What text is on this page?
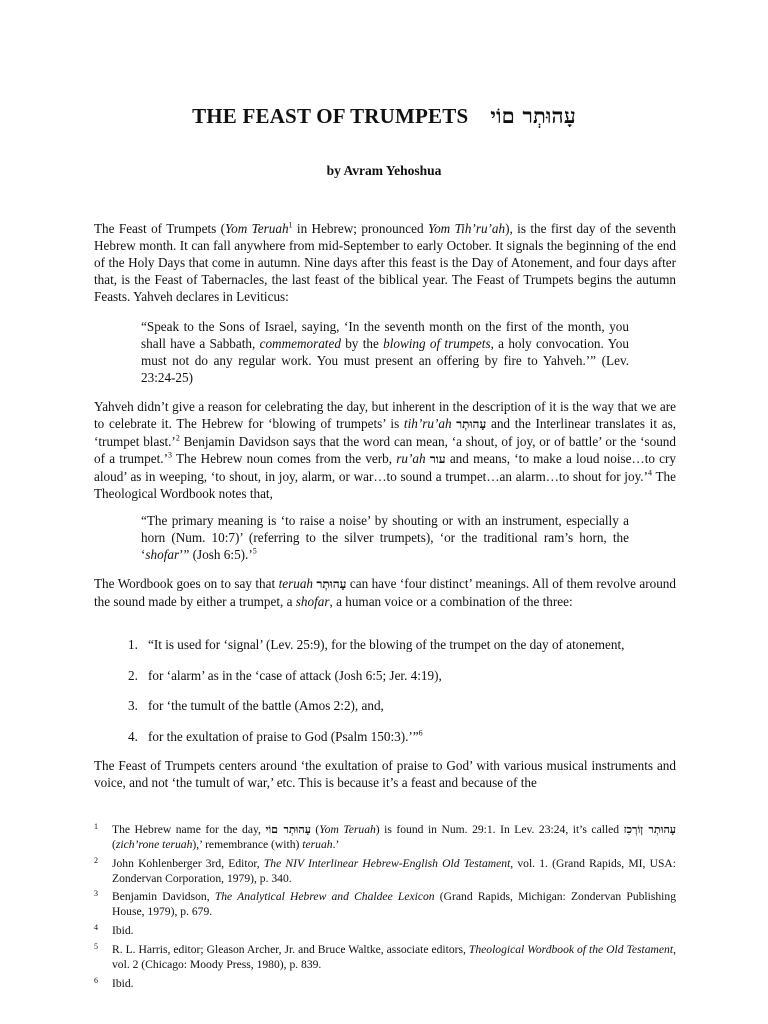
THE FEAST OF TRUMPETS עָהוּתְר םוֹי
by Avram Yehoshua
The Feast of Trumpets (Yom Teruah$^1$ in Hebrew; pronounced Yom Tih’ru’ah), is the first day of the seventh Hebrew month. It can fall anywhere from mid-September to early October. It signals the beginning of the end of the Holy Days that come in autumn. Nine days after this feast is the Day of Atonement, and four days after that, is the Feast of Tabernacles, the last feast of the biblical year. The Feast of Trumpets begins the autumn Feasts. Yahveh declares in Leviticus:
“Speak to the Sons of Israel, saying, ‘In the seventh month on the first of the month, you shall have a Sabbath, commemorated by the blowing of trumpets, a holy convocation. You must not do any regular work. You must present an offering by fire to Yahveh.’” (Lev. 23:24-25)
Yahveh didn’t give a reason for celebrating the day, but inherent in the description of it is the way that we are to celebrate it. The Hebrew for ‘blowing of trumpets’ is tih’ru’ah עָהוּתְר and the Interlinear translates it as, ‘trumpet blast.’$^2$ Benjamin Davidson says that the word can mean, ‘a shout, of joy, or of battle’ or the ‘sound of a trumpet.’$^3$ The Hebrew noun comes from the verb, ru’ah עור and means, ‘to make a loud noise…to cry aloud’ as in weeping, ‘to shout, in joy, alarm, or war…to sound a trumpet…an alarm…to shout for joy.’$^4$ The Theological Wordbook notes that,
“The primary meaning is ‘to raise a noise’ by shouting or with an instrument, especially a horn (Num. 10:7)’ (referring to the silver trumpets), ‘or the traditional ram’s horn, the ‘shofar’” (Josh 6:5).’$^5$
The Wordbook goes on to say that teruah עָהוּתְר can have ‘four distinct’ meanings. All of them revolve around the sound made by either a trumpet, a shofar, a human voice or a combination of the three:
1. “It is used for ‘signal’ (Lev. 25:9), for the blowing of the trumpet on the day of atonement,
2. for ‘alarm’ as in the ‘case of attack (Josh 6:5; Jer. 4:19),
3. for ‘the tumult of the battle (Amos 2:2), and,
4. for the exultation of praise to God (Psalm 150:3).’”$^6$
The Feast of Trumpets centers around ‘the exultation of praise to God’ with various musical instruments and voice, and not ‘the tumult of war,’ etc. This is because it’s a feast and because of the
1 The Hebrew name for the day, עָהוּתְר םוֹי (Yom Teruah) is found in Num. 29:1. In Lev. 23:24, it’s called עָהוּתְר ןוֹרְכִז (zich’rone teruah),’ remembrance (with) teruah.’
2 John Kohlenberger 3rd, Editor, The NIV Interlinear Hebrew-English Old Testament, vol. 1. (Grand Rapids, MI, USA: Zondervan Corporation, 1979), p. 340.
3 Benjamin Davidson, The Analytical Hebrew and Chaldee Lexicon (Grand Rapids, Michigan: Zondervan Publishing House, 1979), p. 679.
4 Ibid.
5 R. L. Harris, editor; Gleason Archer, Jr. and Bruce Waltke, associate editors, Theological Wordbook of the Old Testament, vol. 2 (Chicago: Moody Press, 1980), p. 839.
6 Ibid.
